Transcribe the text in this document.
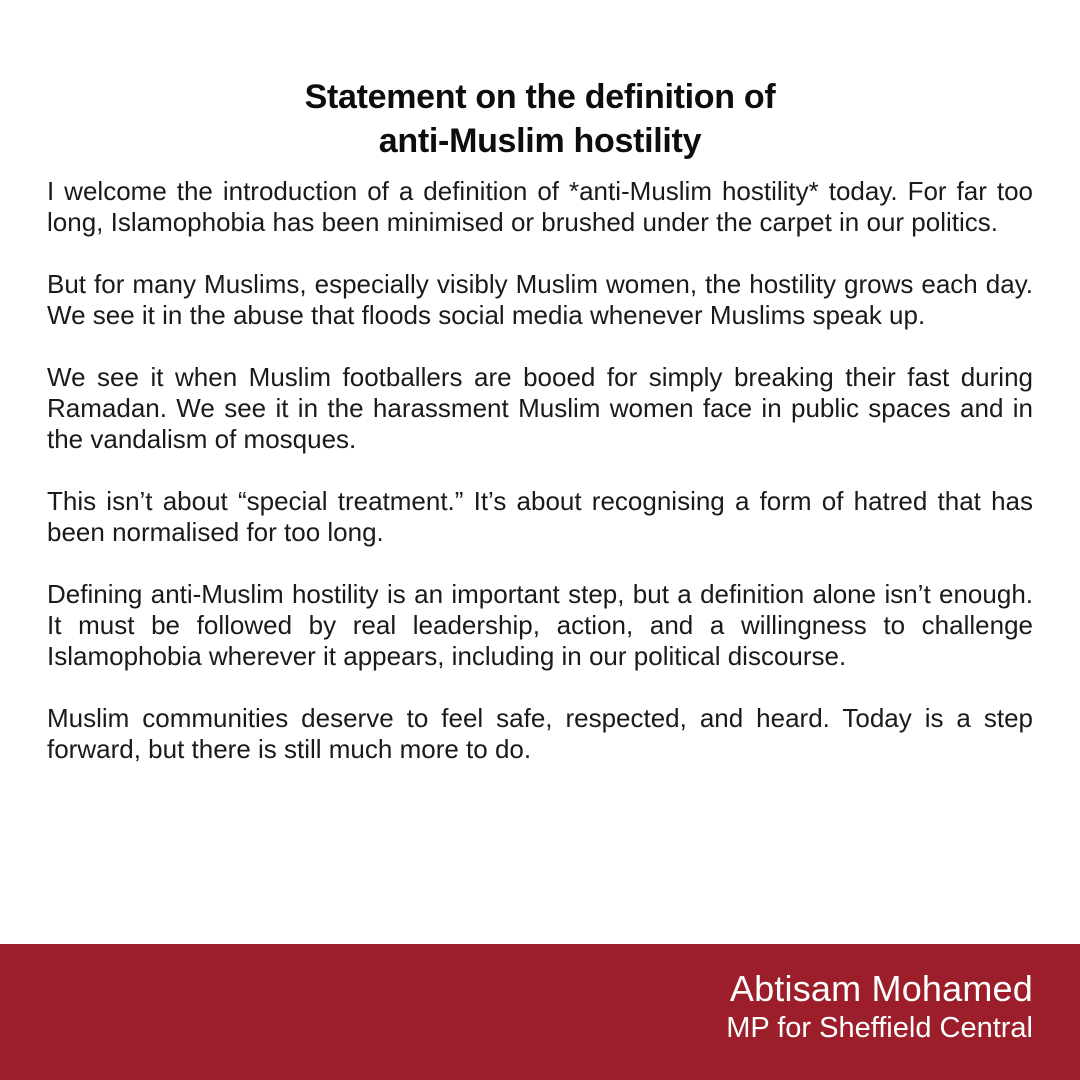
Statement on the definition of
anti-Muslim hostility

I welcome the introduction of a definition of *anti-Muslim hostility* today. For far too long, Islamophobia has been minimised or brushed under the carpet in our politics.

But for many Muslims, especially visibly Muslim women, the hostility grows each day. We see it in the abuse that floods social media whenever Muslims speak up.

We see it when Muslim footballers are booed for simply breaking their fast during Ramadan. We see it in the harassment Muslim women face in public spaces and in the vandalism of mosques.

This isn’t about “special treatment.” It’s about recognising a form of hatred that has been normalised for too long.

Defining anti-Muslim hostility is an important step, but a definition alone isn’t enough. It must be followed by real leadership, action, and a willingness to challenge Islamophobia wherever it appears, including in our political discourse.

Muslim communities deserve to feel safe, respected, and heard. Today is a step forward, but there is still much more to do.

Abtisam Mohamed
MP for Sheffield Central
